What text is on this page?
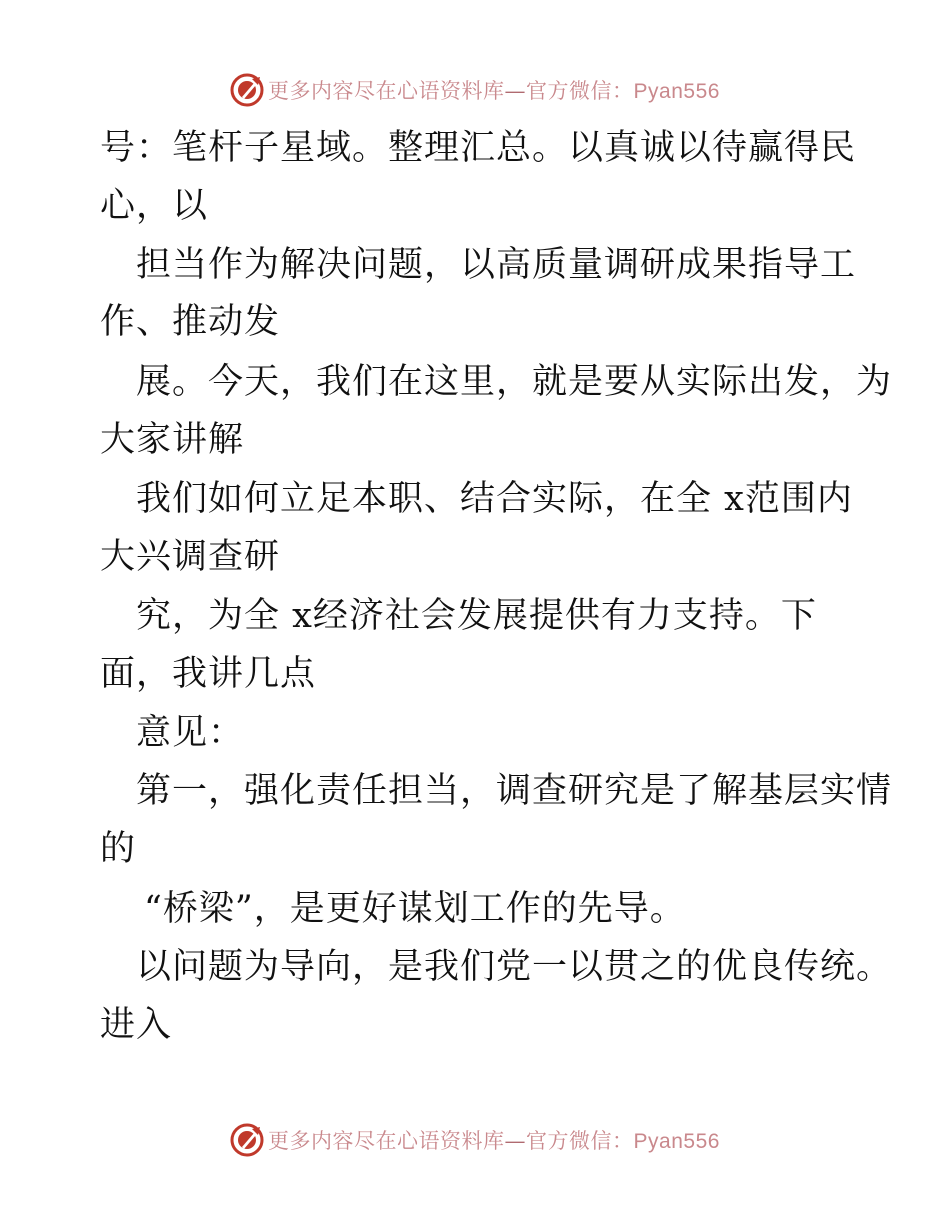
更多内容尽在心语资料库—官方微信：Pyan556
号：笔杆子星域。整理汇总。以真诚以待赢得民
心，以
担当作为解决问题，以高质量调研成果指导工
作、推动发
展。今天，我们在这里，就是要从实际出发，为
大家讲解
我们如何立足本职、结合实际，在全 x范围内
大兴调查研
究，为全 x经济社会发展提供有力支持。下
面，我讲几点
意见：
第一，强化责任担当，调查研究是了解基层实情
的
“桥梁”，是更好谋划工作的先导。
以问题为导向，是我们党一以贯之的优良传统。
进入
更多内容尽在心语资料库—官方微信：Pyan556
